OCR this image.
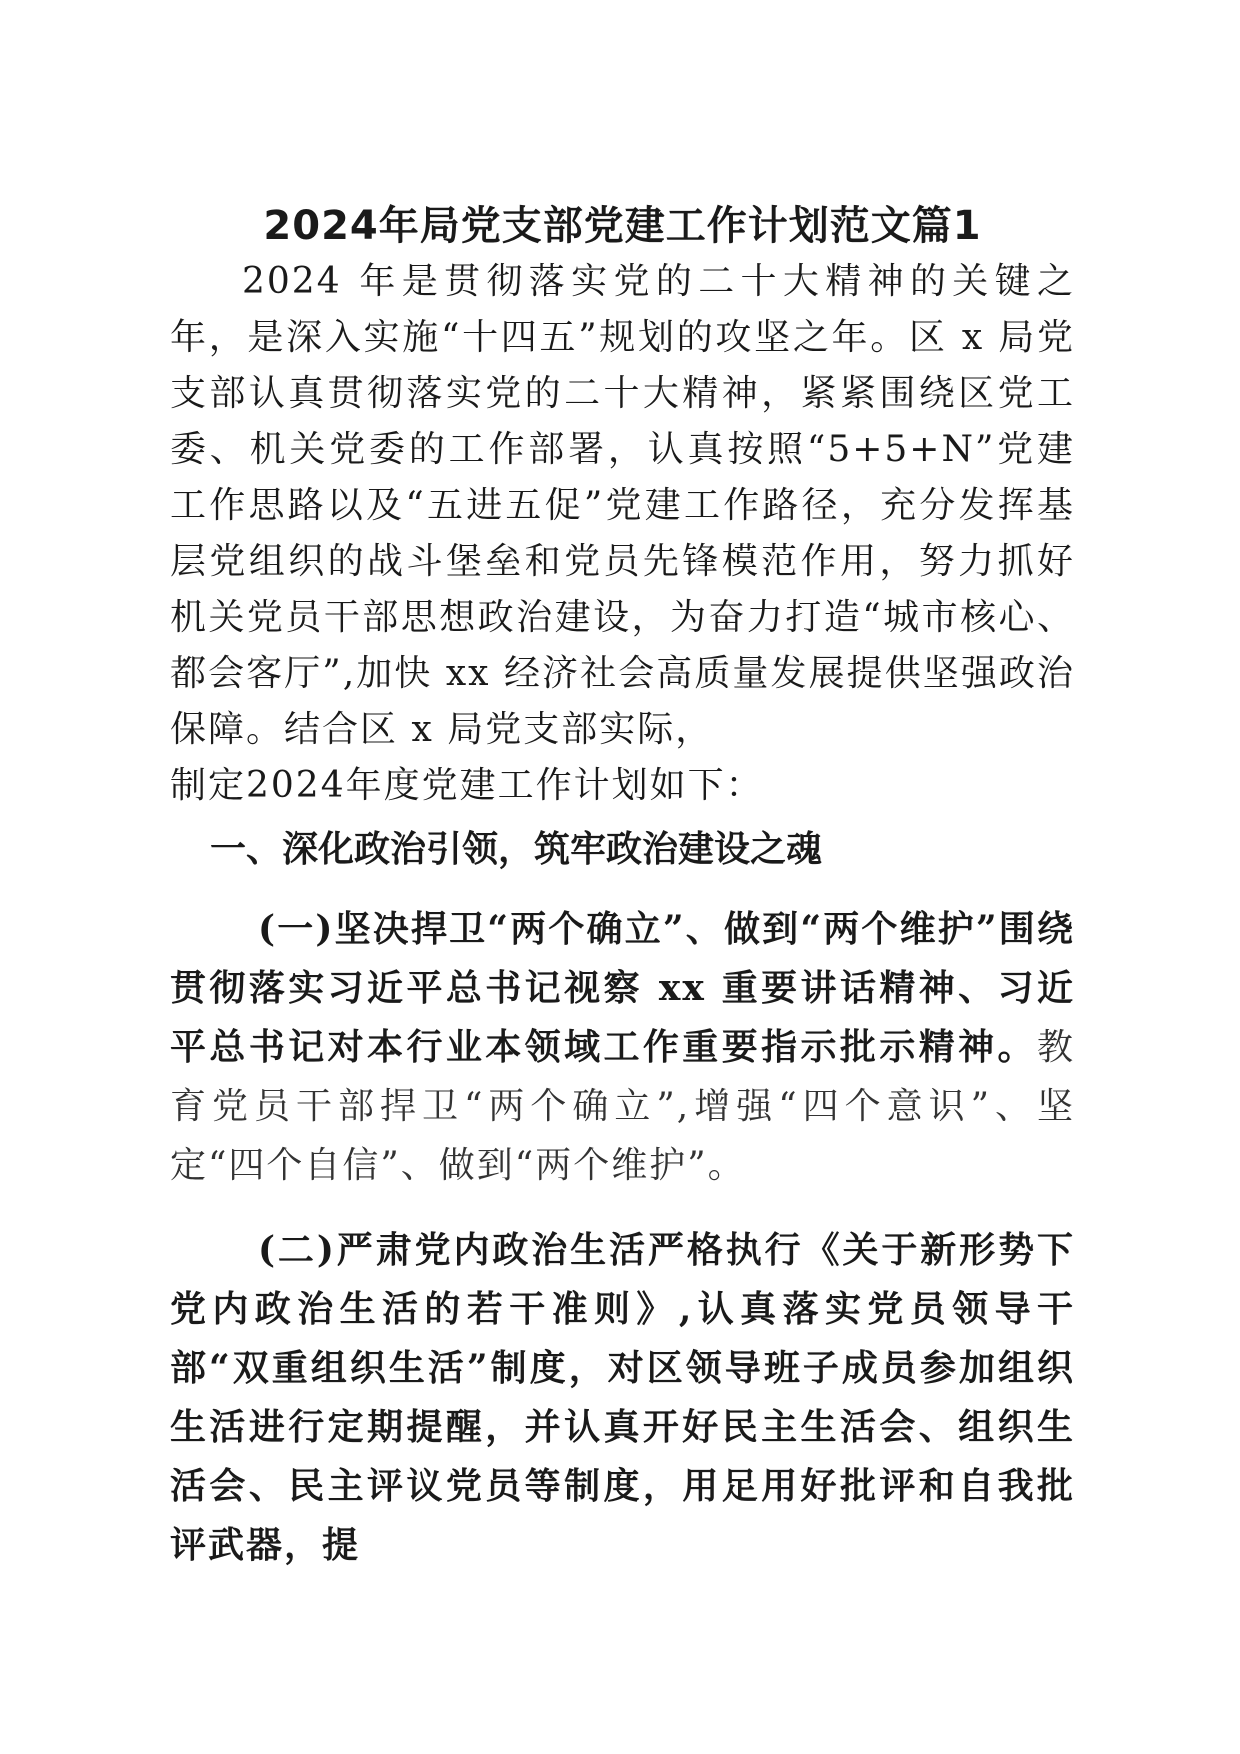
2024年局党支部党建工作计划范文篇1

2024 年是贯彻落实党的二十大精神的关键之年，是深入实施“十四五”规划的攻坚之年。区 x 局党支部认真贯彻落实党的二十大精神，紧紧围绕区党工委、机关党委的工作部署，认真按照“5+5+N”党建工作思路以及“五进五促”党建工作路径，充分发挥基层党组织的战斗堡垒和党员先锋模范作用，努力抓好机关党员干部思想政治建设，为奋力打造“城市核心、都会客厅”,加快 xx 经济社会高质量发展提供坚强政治保障。结合区 x 局党支部实际，

制定2024年度党建工作计划如下：

一、深化政治引领，筑牢政治建设之魂

(一)坚决捍卫“两个确立”、做到“两个维护”围绕贯彻落实习近平总书记视察 xx 重要讲话精神、习近平总书记对本行业本领域工作重要指示批示精神。教育党员干部捍卫“两个确立”,增强“四个意识”、坚定“四个自信”、做到“两个维护”。

(二)严肃党内政治生活严格执行《关于新形势下党内政治生活的若干准则》,认真落实党员领导干部“双重组织生活”制度，对区领导班子成员参加组织生活进行定期提醒，并认真开好民主生活会、组织生活会、民主评议党员等制度，用足用好批评和自我批评武器，提
